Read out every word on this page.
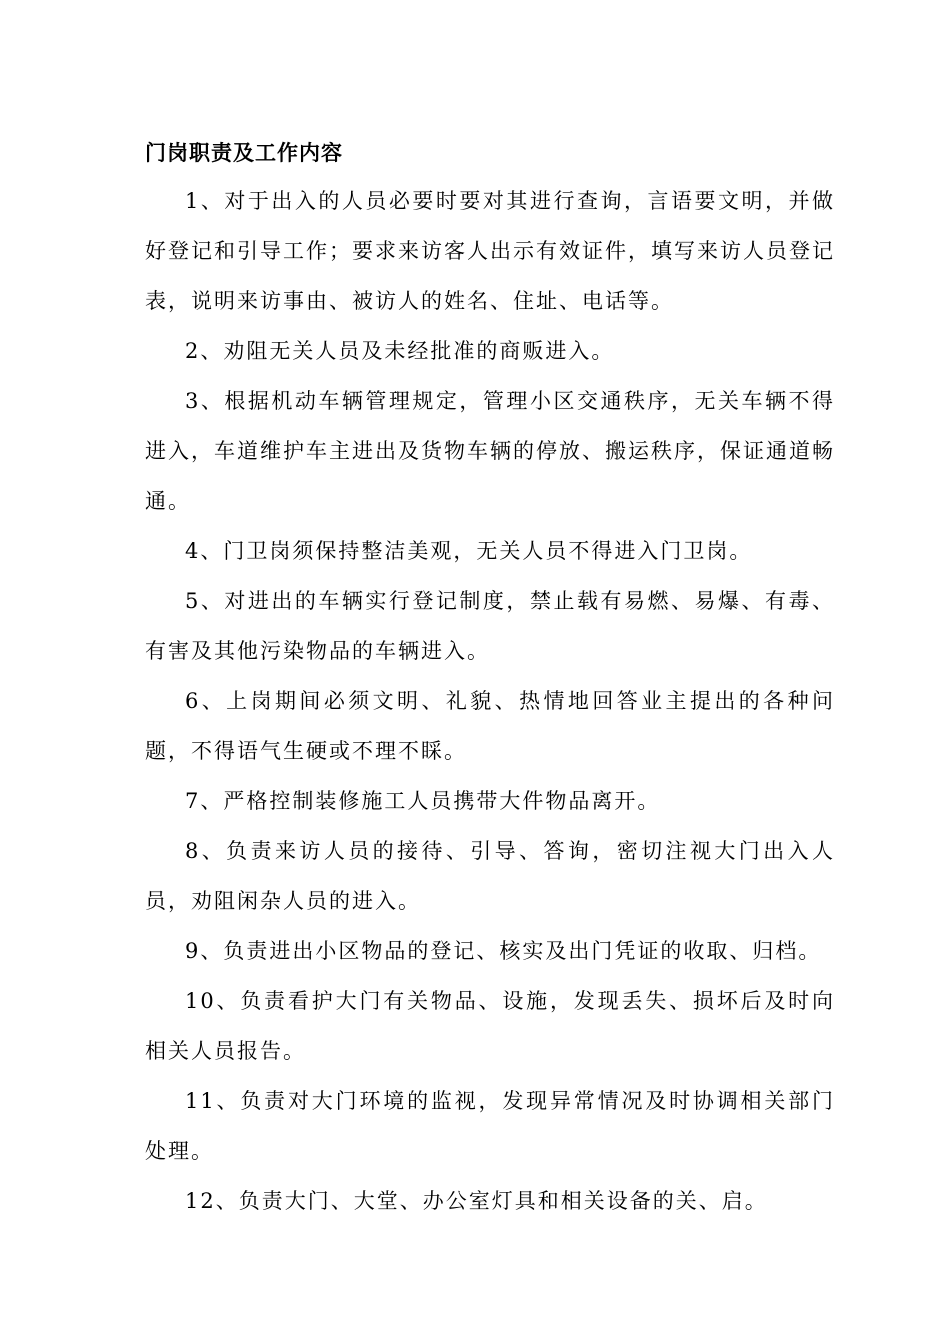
门岗职责及工作内容

1、对于出入的人员必要时要对其进行查询，言语要文明，并做好登记和引导工作；要求来访客人出示有效证件，填写来访人员登记表，说明来访事由、被访人的姓名、住址、电话等。

2、劝阻无关人员及未经批准的商贩进入。

3、根据机动车辆管理规定，管理小区交通秩序，无关车辆不得进入，车道维护车主进出及货物车辆的停放、搬运秩序，保证通道畅通。

4、门卫岗须保持整洁美观，无关人员不得进入门卫岗。

5、对进出的车辆实行登记制度，禁止载有易燃、易爆、有毒、有害及其他污染物品的车辆进入。

6、上岗期间必须文明、礼貌、热情地回答业主提出的各种问题，不得语气生硬或不理不睬。

7、严格控制装修施工人员携带大件物品离开。

8、负责来访人员的接待、引导、答询，密切注视大门出入人员，劝阻闲杂人员的进入。

9、负责进出小区物品的登记、核实及出门凭证的收取、归档。

10、负责看护大门有关物品、设施，发现丢失、损坏后及时向相关人员报告。

11、负责对大门环境的监视，发现异常情况及时协调相关部门处理。

12、负责大门、大堂、办公室灯具和相关设备的关、启。
